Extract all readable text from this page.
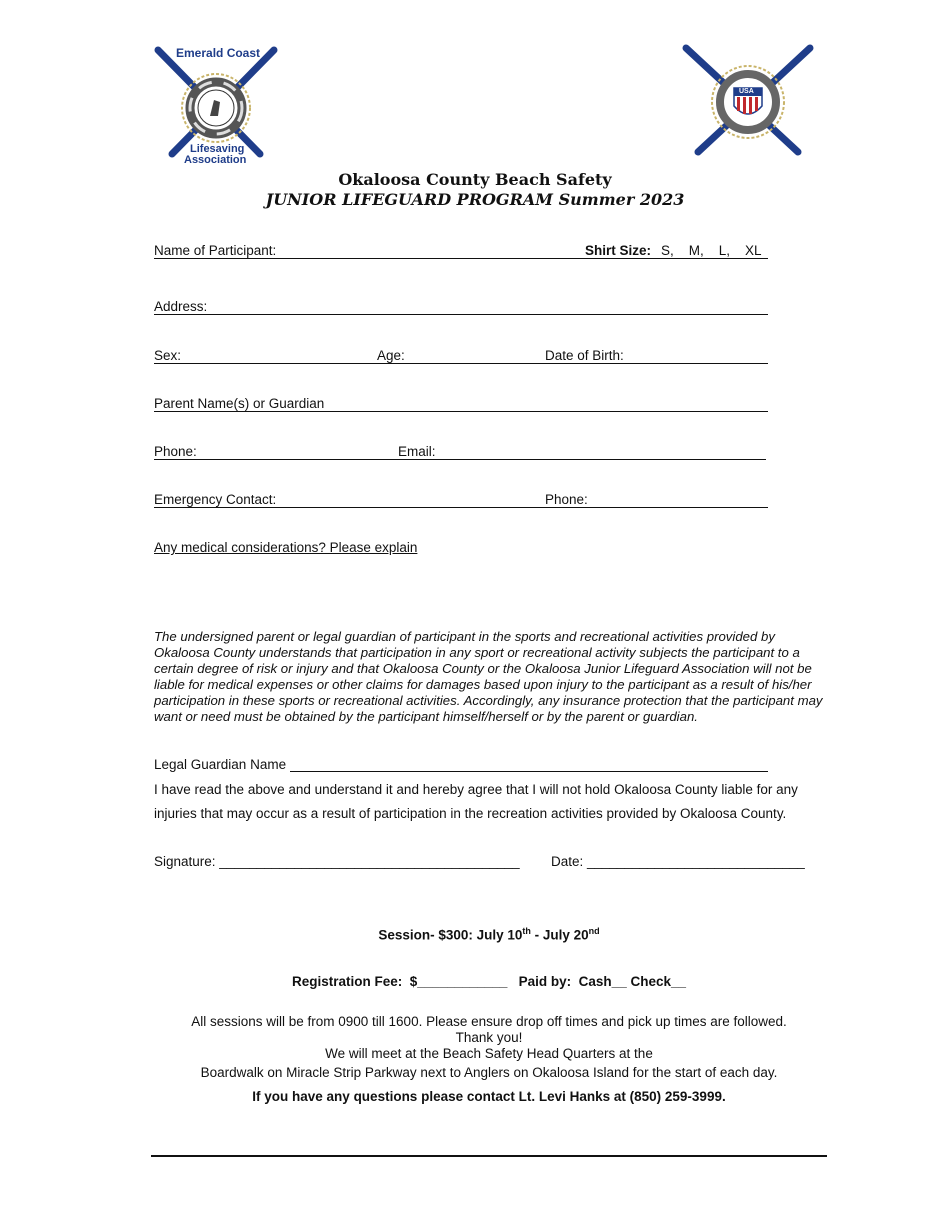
Emerald Coast
Lifesaving
Association
USA
Okaloosa County Beach Safety
JUNIOR LIFEGUARD PROGRAM Summer 2023
Name of Participant:	Shirt Size: S,    M,    L,    XL
Address:
Sex:	Age:	Date of Birth:
Parent Name(s) or Guardian
Phone:	Email:
Emergency Contact:	Phone:
Any medical considerations? Please explain
The undersigned parent or legal guardian of participant in the sports and recreational activities provided by Okaloosa County understands that participation in any sport or recreational activity subjects the participant to a certain degree of risk or injury and that Okaloosa County or the Okaloosa Junior Lifeguard Association will not be liable for medical expenses or other claims for damages based upon injury to the participant as a result of his/her participation in these sports or recreational activities. Accordingly, any insurance protection that the participant may want or need must be obtained by the participant himself/herself or by the parent or guardian.
Legal Guardian Name
I have read the above and understand it and hereby agree that I will not hold Okaloosa County liable for any
injuries that may occur as a result of participation in the recreation activities provided by Okaloosa County.
Signature: ________________________________________ Date: _____________________________
Session- $300: July 10th - July 20nd
Registration Fee:  $____________ Paid by:  Cash__ Check__
All sessions will be from 0900 till 1600. Please ensure drop off times and pick up times are followed.
Thank you!
We will meet at the Beach Safety Head Quarters at the
Boardwalk on Miracle Strip Parkway next to Anglers on Okaloosa Island for the start of each day.
If you have any questions please contact Lt. Levi Hanks at (850) 259-3999.
